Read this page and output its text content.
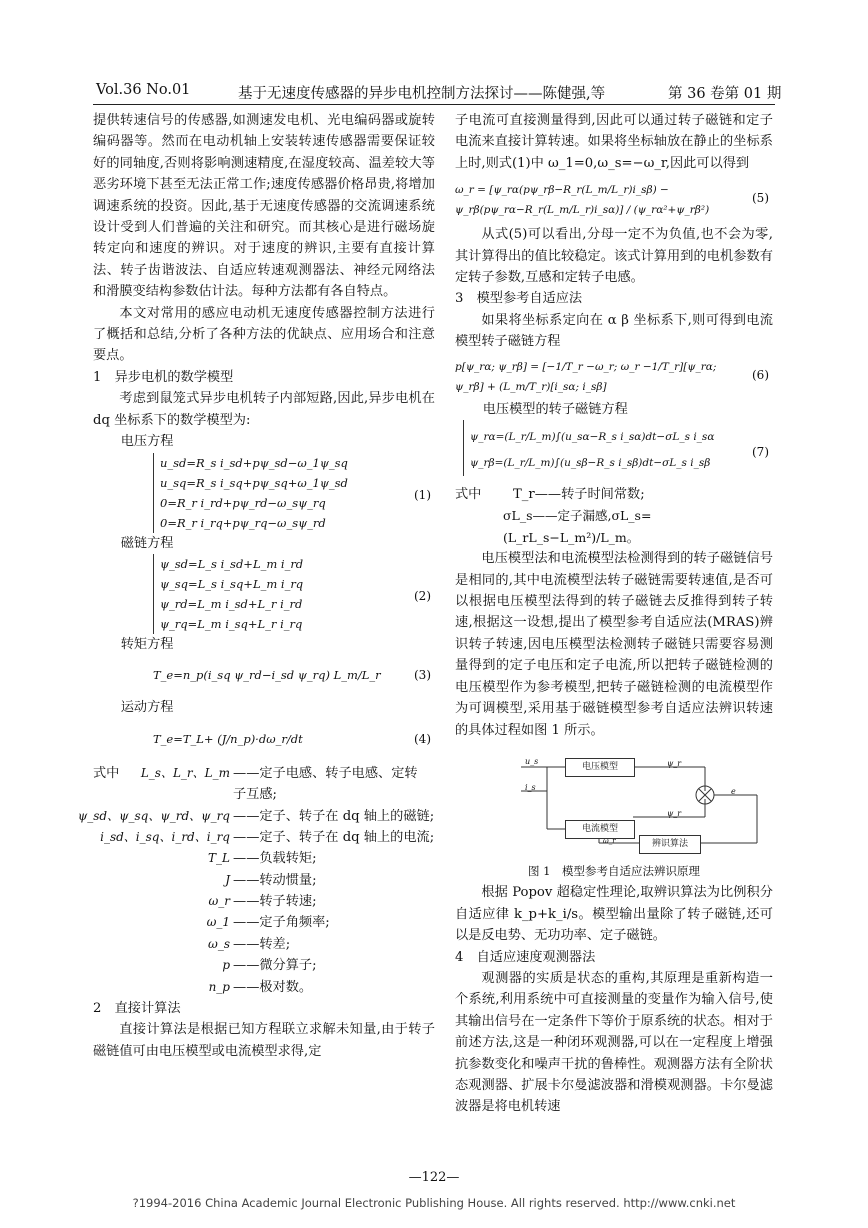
Vol.36 No.01	基于无速度传感器的异步电机控制方法探讨——陈健强,等	第 36 卷第 01 期

提供转速信号的传感器,如测速发电机、光电编码器或旋转编码器等。然而在电动机轴上安装转速传感器需要保证较好的同轴度,否则将影响测速精度,在湿度较高、温差较大等恶劣环境下甚至无法正常工作;速度传感器价格昂贵,将增加调速系统的投资。因此,基于无速度传感器的交流调速系统设计受到人们普遍的关注和研究。而其核心是进行磁场旋转定向和速度的辨识。对于速度的辨识,主要有直接计算法、转子齿谐波法、自适应转速观测器法、神经元网络法和滑膜变结构参数估计法。每种方法都有各自特点。

本文对常用的感应电动机无速度传感器控制方法进行了概括和总结,分析了各种方法的优缺点、应用场合和注意要点。

1　异步电机的数学模型

考虑到鼠笼式异步电机转子内部短路,因此,异步电机在 dq 坐标系下的数学模型为:

电压方程

u_sd=R_s i_sd+pψ_sd−ω_1ψ_sq
u_sq=R_s i_sq+pψ_sq+ω_1ψ_sd
0=R_r i_rd+pψ_rd−ω_sψ_rq
0=R_r i_rq+pψ_rq−ω_sψ_rd
(1)

磁链方程

ψ_sd=L_s i_sd+L_m i_rd
ψ_sq=L_s i_sq+L_m i_rq
ψ_rd=L_m i_sd+L_r i_rd
ψ_rq=L_m i_sq+L_r i_rq
(2)

转矩方程

T_e=n_p(i_sq ψ_rd−i_sd ψ_rq) L_m/L_r	(3)

运动方程

T_e=T_L+ (J/n_p)·dω_r/dt	(4)
式中 L_s、L_r、L_m ——定子电感、转子电感、定转
子互感;
ψ_sd、ψ_sq、ψ_rd、ψ_rq ——定子、转子在 dq 轴上的磁链;
i_sd、i_sq、i_rd、i_rq ——定子、转子在 dq 轴上的电流;
T_L ——负载转矩;
J ——转动惯量;
ω_r ——转子转速;
ω_1 ——定子角频率;
ω_s ——转差;
p ——微分算子;
n_p ——极对数。

2　直接计算法

直接计算法是根据已知方程联立求解未知量,由于转子磁链值可由电压模型或电流模型求得,定

子电流可直接测量得到,因此可以通过转子磁链和定子电流来直接计算转速。如果将坐标轴放在静止的坐标系上时,则式(1)中 ω_1=0,ω_s=−ω_r,因此可以得到

ω_r = [ψ_rα(pψ_rβ−R_r(L_m/L_r)i_sβ) − ψ_rβ(pψ_rα−R_r(L_m/L_r)i_sα)] / (ψ_rα²+ψ_rβ²)
(5)

从式(5)可以看出,分母一定不为负值,也不会为零,其计算得出的值比较稳定。该式计算用到的电机参数有定转子参数,互感和定转子电感。

3　模型参考自适应法

如果将坐标系定向在 α β 坐标系下,则可得到电流模型转子磁链方程

p[ψ_rα; ψ_rβ] = [−1/T_r −ω_r; ω_r −1/T_r][ψ_rα; ψ_rβ] + (L_m/T_r)[i_sα; i_sβ]
(6)

电压模型的转子磁链方程

ψ_rα=(L_r/L_m)∫(u_sα−R_s i_sα)dt−σL_s i_sα
ψ_rβ=(L_r/L_m)∫(u_sβ−R_s i_sβ)dt−σL_s i_sβ
(7)
式中 T_r——转子时间常数;
σL_s——定子漏感,σL_s=(L_rL_s−L_m²)/L_m。

电压模型法和电流模型法检测得到的转子磁链信号是相同的,其中电流模型法转子磁链需要转速值,是否可以根据电压模型法得到的转子磁链去反推得到转子转速,根据这一设想,提出了模型参考自适应法(MRAS)辨识转子转速,因电压模型法检测转子磁链只需要容易测量得到的定子电压和定子电流,所以把转子磁链检测的电压模型作为参考模型,把转子磁链检测的电流模型作为可调模型,采用基于磁链模型参考自适应法辨识转速的具体过程如图 1 所示。

电压模型
电流模型
辨识算法
u_s
i_s
ψ_r
ψ_r
e
ω_r
图 1　模型参考自适应法辨识原理

根据 Popov 超稳定性理论,取辨识算法为比例积分自适应律 k_p+k_i/s。模型输出量除了转子磁链,还可以是反电势、无功功率、定子磁链。

4　自适应速度观测器法

观测器的实质是状态的重构,其原理是重新构造一个系统,利用系统中可直接测量的变量作为输入信号,使其输出信号在一定条件下等价于原系统的状态。相对于前述方法,这是一种闭环观测器,可以在一定程度上增强抗参数变化和噪声干扰的鲁棒性。观测器方法有全阶状态观测器、扩展卡尔曼滤波器和滑模观测器。卡尔曼滤波器是将电机转速

—122—
?1994-2016 China Academic Journal Electronic Publishing House. All rights reserved. http://www.cnki.net
